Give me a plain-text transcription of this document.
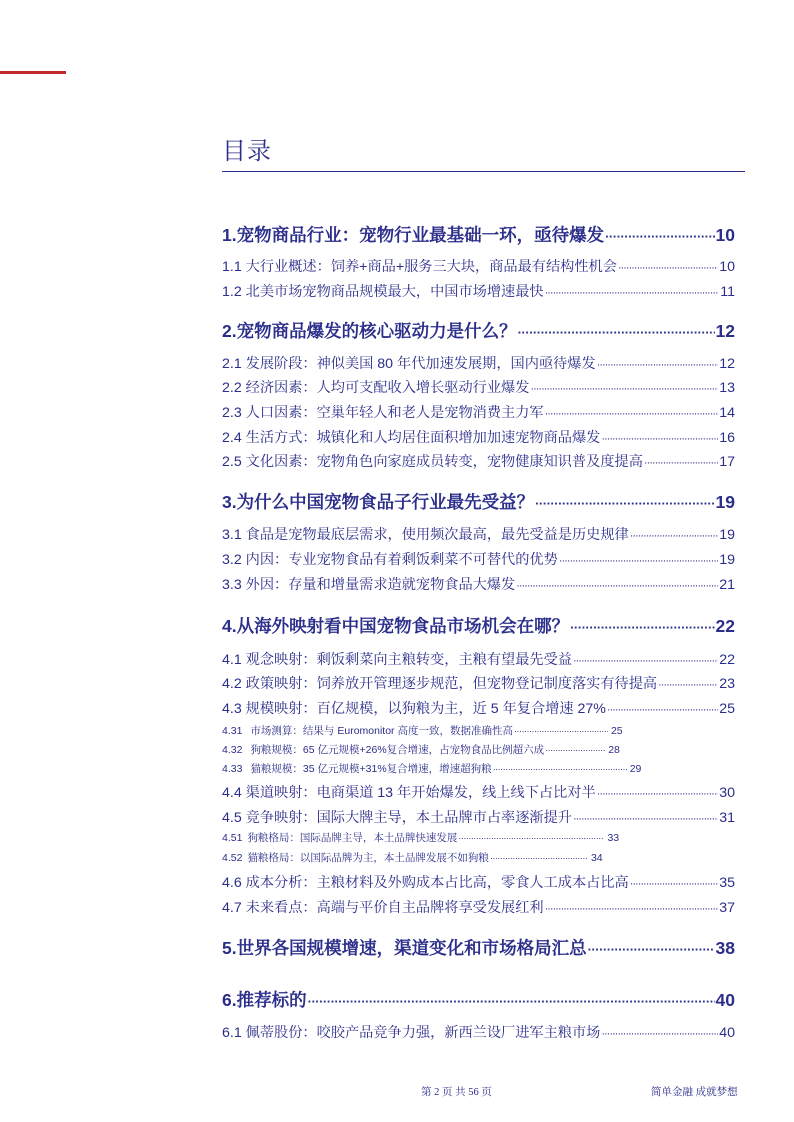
目录
1.宠物商品行业：宠物行业最基础一环，亟待爆发 ·····	10
1.1 大行业概述：饲养+商品+服务三大块，商品最有结构性机会 ·····	10
1.2 北美市场宠物商品规模最大，中国市场增速最快 ·····	11
2.宠物商品爆发的核心驱动力是什么？ ·····	12
2.1 发展阶段：神似美国 80 年代加速发展期，国内亟待爆发 ·····	12
2.2 经济因素：人均可支配收入增长驱动行业爆发 ·····	13
2.3 人口因素：空巢年轻人和老人是宠物消费主力军 ·····	14
2.4 生活方式：城镇化和人均居住面积增加加速宠物商品爆发 ·····	16
2.5 文化因素：宠物角色向家庭成员转变，宠物健康知识普及度提高 ·····	17
3.为什么中国宠物食品子行业最先受益？ ·····	19
3.1 食品是宠物最底层需求，使用频次最高，最先受益是历史规律 ·····	19
3.2 内因：专业宠物食品有着剩饭剩菜不可替代的优势 ·····	19
3.3 外因：存量和增量需求造就宠物食品大爆发 ·····	21
4.从海外映射看中国宠物食品市场机会在哪？ ·····	22
4.1 观念映射：剩饭剩菜向主粮转变，主粮有望最先受益 ·····	22
4.2 政策映射：饲养放开管理逐步规范，但宠物登记制度落实有待提高 ·····	23
4.3 规模映射：百亿规模，以狗粮为主，近 5 年复合增速 27% ·····	25
4.31 市场测算：结果与 Euromonitor 高度一致，数据准确性高 ·····	25
4.32 狗粮规模：65 亿元规模+26%复合增速，占宠物食品比例超六成 ·····	28
4.33 猫粮规模：35 亿元规模+31%复合增速，增速超狗粮 ·····	29
4.4 渠道映射：电商渠道 13 年开始爆发，线上线下占比对半 ·····	30
4.5 竞争映射：国际大牌主导，本土品牌市占率逐渐提升 ·····	31
4.51 狗粮格局：国际品牌主导，本土品牌快速发展 ·····	33
4.52 猫粮格局：以国际品牌为主，本土品牌发展不如狗粮 ·····	34
4.6 成本分析：主粮材料及外购成本占比高，零食人工成本占比高 ·····	35
4.7 未来看点：高端与平价自主品牌将享受发展红利 ·····	37
5.世界各国规模增速，渠道变化和市场格局汇总 ·····	38
6.推荐标的 ·····	40
6.1 佩蒂股份：咬胶产品竞争力强，新西兰设厂进军主粮市场 ·····	40
第 2 页 共 56 页	简单金融 成就梦想
